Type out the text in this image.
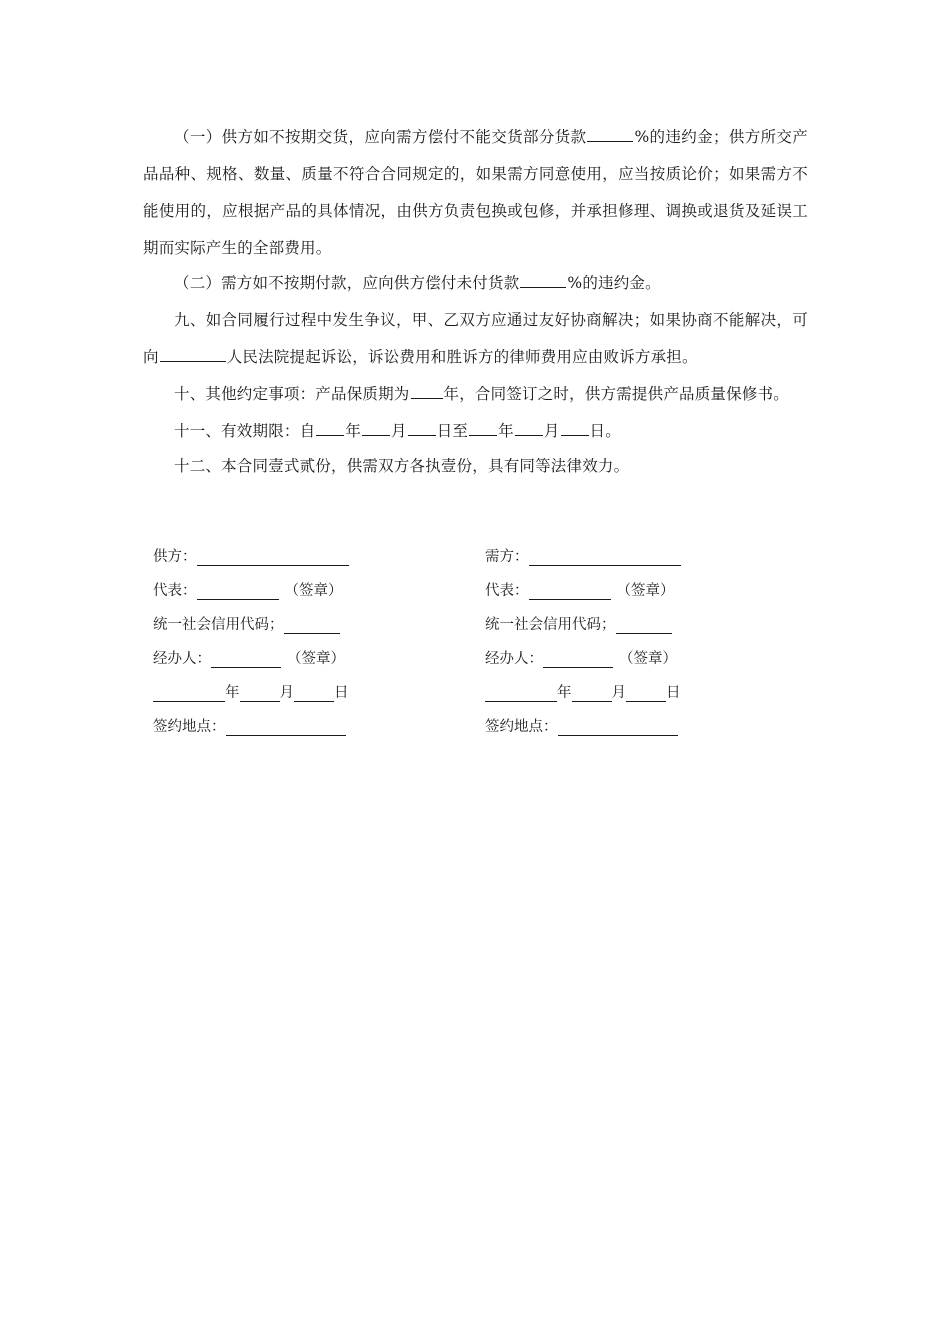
（一）供方如不按期交货，应向需方偿付不能交货部分货款	%的违约金；供方所交产品品种、规格、数量、质量不符合合同规定的，如果需方同意使用，应当按质论价；如果需方不能使用的，应根据产品的具体情况，由供方负责包换或包修，并承担修理、调换或退货及延误工期而实际产生的全部费用。

（二）需方如不按期付款，应向供方偿付未付货款	%的违约金。

九、如合同履行过程中发生争议，甲、乙双方应通过友好协商解决；如果协商不能解决，可向	人民法院提起诉讼，诉讼费用和胜诉方的律师费用应由败诉方承担。

十、其他约定事项：产品保质期为 年，合同签订之时，供方需提供产品质量保修书。

十一、有效期限：自 年 月 日至 年 月 日。

十二、本合同壹式贰份，供需双方各执壹份，具有同等法律效力。

供方：
代表：	（签章）
统一社会信用代码；
经办人：	（签章）
年	月	日
签约地点：
需方：
代表：	（签章）
统一社会信用代码；
经办人：	（签章）
年	月	日
签约地点：
